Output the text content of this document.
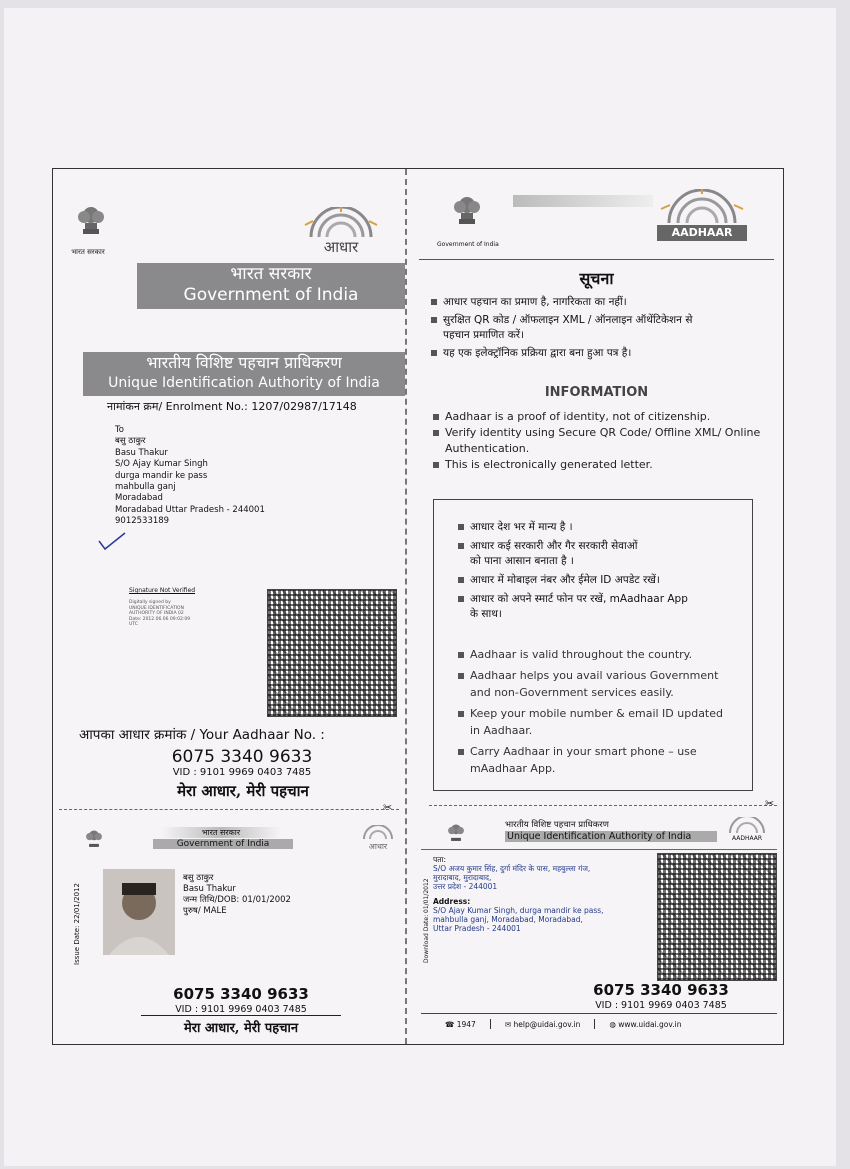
भारत सरकार	आधार
भारत सरकार
Government of India
भारतीय विशिष्ट पहचान प्राधिकरण
Unique Identification Authority of India
नामांकन क्रम/ Enrolment No.: 1207/02987/17148
To
बसु ठाकुर
Basu Thakur
S/O Ajay Kumar Singh
durga mandir ke pass
mahbulla ganj
Moradabad
Moradabad Uttar Pradesh - 244001
9012533189
Signature Not Verified
Digitally signed by
UNIQUE IDENTIFICATION
AUTHORITY OF INDIA 02
Date: 2012.06.06 09:02:09
UTC
आपका आधार क्रमांक / Your Aadhaar No. :
6075 3340 9633
VID : 9101 9969 0403 7485
मेरा आधार, मेरी पहचान
Government of India
AADHAAR
सूचना
आधार पहचान का प्रमाण है, नागरिकता का नहीं।
सुरक्षित QR कोड / ऑफलाइन XML / ऑनलाइन ऑथेंटिकेशन से
पहचान प्रमाणित करें।
यह एक इलेक्ट्रॉनिक प्रक्रिया द्वारा बना हुआ पत्र है।
INFORMATION
Aadhaar is a proof of identity, not of citizenship.
Verify identity using Secure QR Code/ Offline XML/ Online
Authentication.
This is electronically generated letter.
आधार देश भर में मान्य है ।
आधार कई सरकारी और गैर सरकारी सेवाओं
को पाना आसान बनाता है ।
आधार में मोबाइल नंबर और ईमेल ID अपडेट रखें।
आधार को अपने स्मार्ट फोन पर रखें, mAadhaar App
के साथ।
Aadhaar is valid throughout the country.
Aadhaar helps you avail various Government
and non-Government services easily.
Keep your mobile number & email ID updated
in Aadhaar.
Carry Aadhaar in your smart phone – use
mAadhaar App.
✂	✂
भारत सरकार
Government of India	आधार
Issue Date: 22/01/2012
बसु ठाकुर
Basu Thakur
जन्म तिथि/DOB: 01/01/2002
पुरुष/ MALE
6075 3340 9633
VID : 9101 9969 0403 7485
मेरा आधार, मेरी पहचान
भारतीय विशिष्ट पहचान प्राधिकरण
Unique Identification Authority of India	AADHAAR
Download Date: 01/01/2012
पता:
S/O अजय कुमार सिंह, दुर्गा मंदिर के पास, महबुल्ला गंज,
मुरादाबाद, मुरादाबाद,
उत्तर प्रदेश - 244001
Address:
S/O Ajay Kumar Singh, durga mandir ke pass,
mahbulla ganj, Moradabad, Moradabad,
Uttar Pradesh - 244001
6075 3340 9633
VID : 9101 9969 0403 7485
☎ 1947	✉ help@uidai.gov.in	◍ www.uidai.gov.in
